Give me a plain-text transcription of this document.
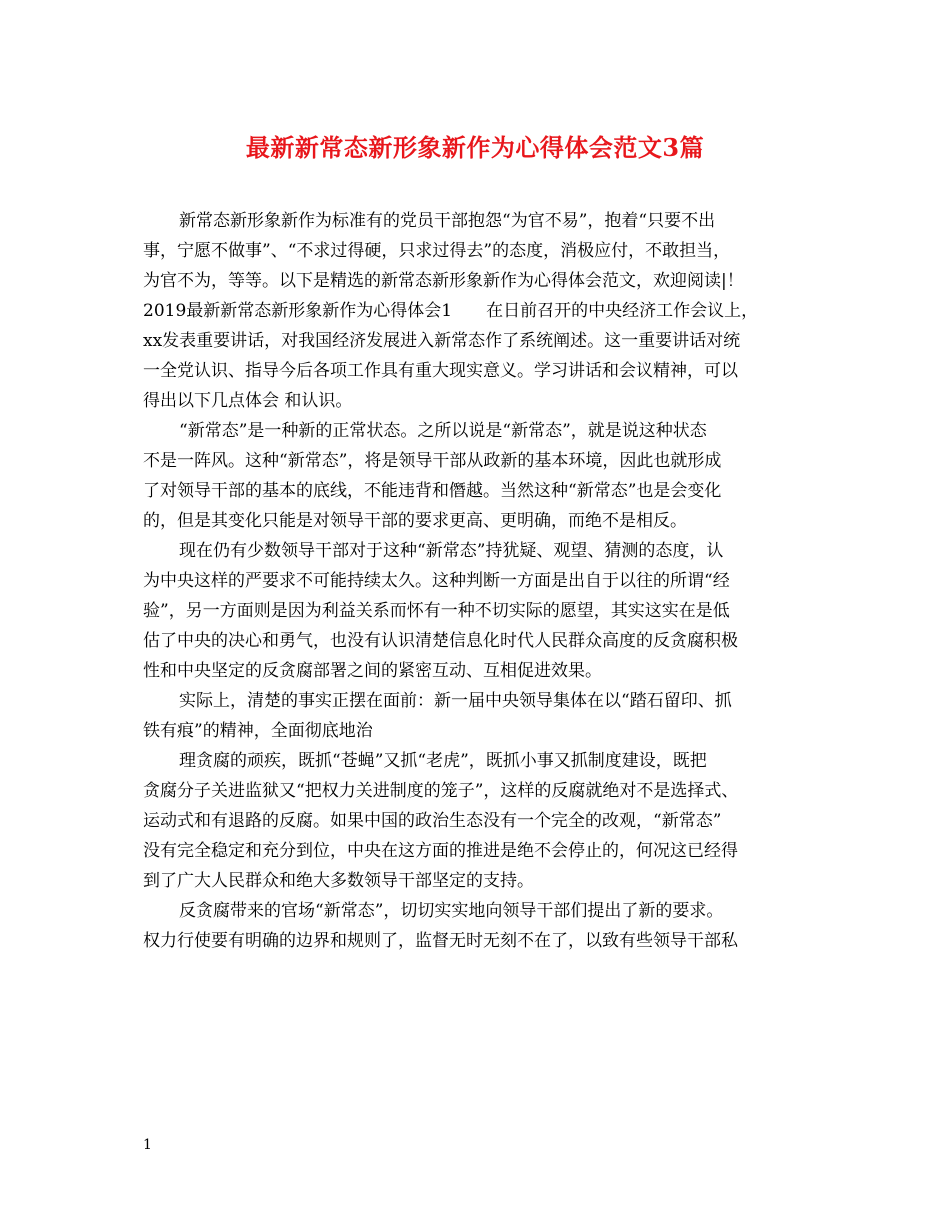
最新新常态新形象新作为心得体会范文3篇
新常态新形象新作为标准有的党员干部抱怨“为官不易”，抱着“只要不出
事，宁愿不做事”、“不求过得硬，只求过得去”的态度，消极应付，不敢担当，
为官不为，等等。以下是精选的新常态新形象新作为心得体会范文，欢迎阅读|！
2019最新新常态新形象新作为心得体会1　　在日前召开的中央经济工作会议上，
xx发表重要讲话，对我国经济发展进入新常态作了系统阐述。这一重要讲话对统
一全党认识、指导今后各项工作具有重大现实意义。学习讲话和会议精神，可以
得出以下几点体会 和认识。
“新常态”是一种新的正常状态。之所以说是“新常态”，就是说这种状态
不是一阵风。这种“新常态”，将是领导干部从政新的基本环境，因此也就形成
了对领导干部的基本的底线，不能违背和僭越。当然这种“新常态”也是会变化
的，但是其变化只能是对领导干部的要求更高、更明确，而绝不是相反。
现在仍有少数领导干部对于这种“新常态”持犹疑、观望、猜测的态度，认
为中央这样的严要求不可能持续太久。这种判断一方面是出自于以往的所谓“经
验”，另一方面则是因为利益关系而怀有一种不切实际的愿望，其实这实在是低
估了中央的决心和勇气，也没有认识清楚信息化时代人民群众高度的反贪腐积极
性和中央坚定的反贪腐部署之间的紧密互动、互相促进效果。
实际上，清楚的事实正摆在面前：新一届中央领导集体在以“踏石留印、抓
铁有痕”的精神，全面彻底地治
理贪腐的顽疾，既抓“苍蝇”又抓“老虎”，既抓小事又抓制度建设，既把
贪腐分子关进监狱又“把权力关进制度的笼子”，这样的反腐就绝对不是选择式、
运动式和有退路的反腐。如果中国的政治生态没有一个完全的改观，“新常态”
没有完全稳定和充分到位，中央在这方面的推进是绝不会停止的，何况这已经得
到了广大人民群众和绝大多数领导干部坚定的支持。
反贪腐带来的官场“新常态”，切切实实地向领导干部们提出了新的要求。
权力行使要有明确的边界和规则了，监督无时无刻不在了，以致有些领导干部私
1
